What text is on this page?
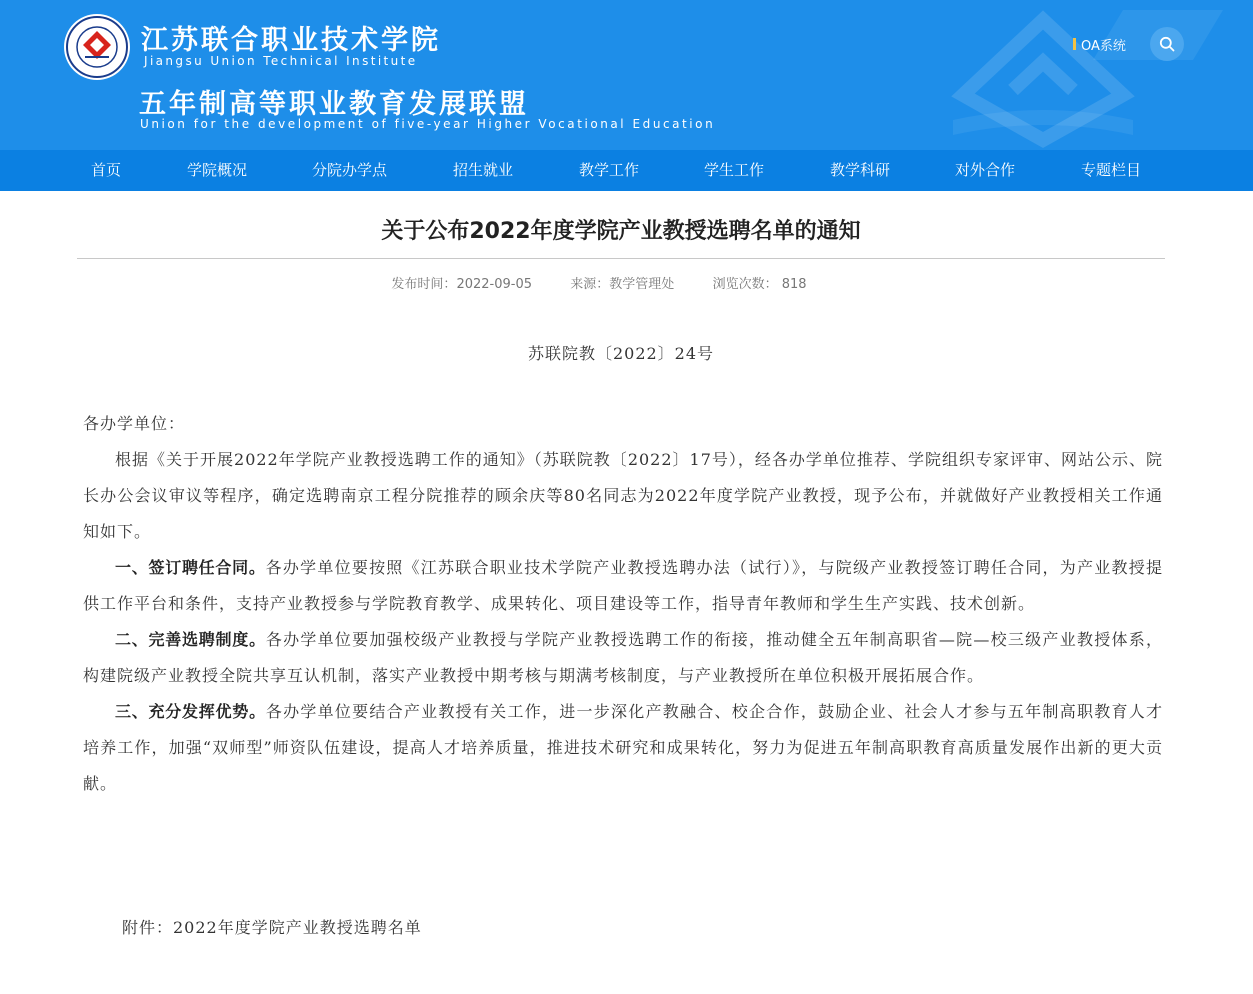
江苏联合职业技术学院
Jiangsu Union Technical Institute
五年制高等职业教育发展联盟
Union for the development of five-year Higher Vocational Education
OA系统
首页	学院概况	分院办学点	招生就业	教学工作	学生工作	教学科研	对外合作	专题栏目
关于公布2022年度学院产业教授选聘名单的通知
发布时间：2022-09-05	来源：教学管理处	浏览次数： 818
苏联院教〔2022〕24号

各办学单位：

根据《关于开展2022年学院产业教授选聘工作的通知》（苏联院教〔2022〕17号），经各办学单位推荐、学院组织专家评审、网站公示、院长办公会议审议等程序，确定选聘南京工程分院推荐的顾余庆等80名同志为2022年度学院产业教授，现予公布，并就做好产业教授相关工作通知如下。

一、签订聘任合同。各办学单位要按照《江苏联合职业技术学院产业教授选聘办法（试行）》，与院级产业教授签订聘任合同，为产业教授提供工作平台和条件，支持产业教授参与学院教育教学、成果转化、项目建设等工作，指导青年教师和学生生产实践、技术创新。

二、完善选聘制度。各办学单位要加强校级产业教授与学院产业教授选聘工作的衔接，推动健全五年制高职省—院—校三级产业教授体系，构建院级产业教授全院共享互认机制，落实产业教授中期考核与期满考核制度，与产业教授所在单位积极开展拓展合作。

三、充分发挥优势。各办学单位要结合产业教授有关工作，进一步深化产教融合、校企合作，鼓励企业、社会人才参与五年制高职教育人才培养工作，加强“双师型”师资队伍建设，提高人才培养质量，推进技术研究和成果转化，努力为促进五年制高职教育高质量发展作出新的更大贡献。

附件：2022年度学院产业教授选聘名单
